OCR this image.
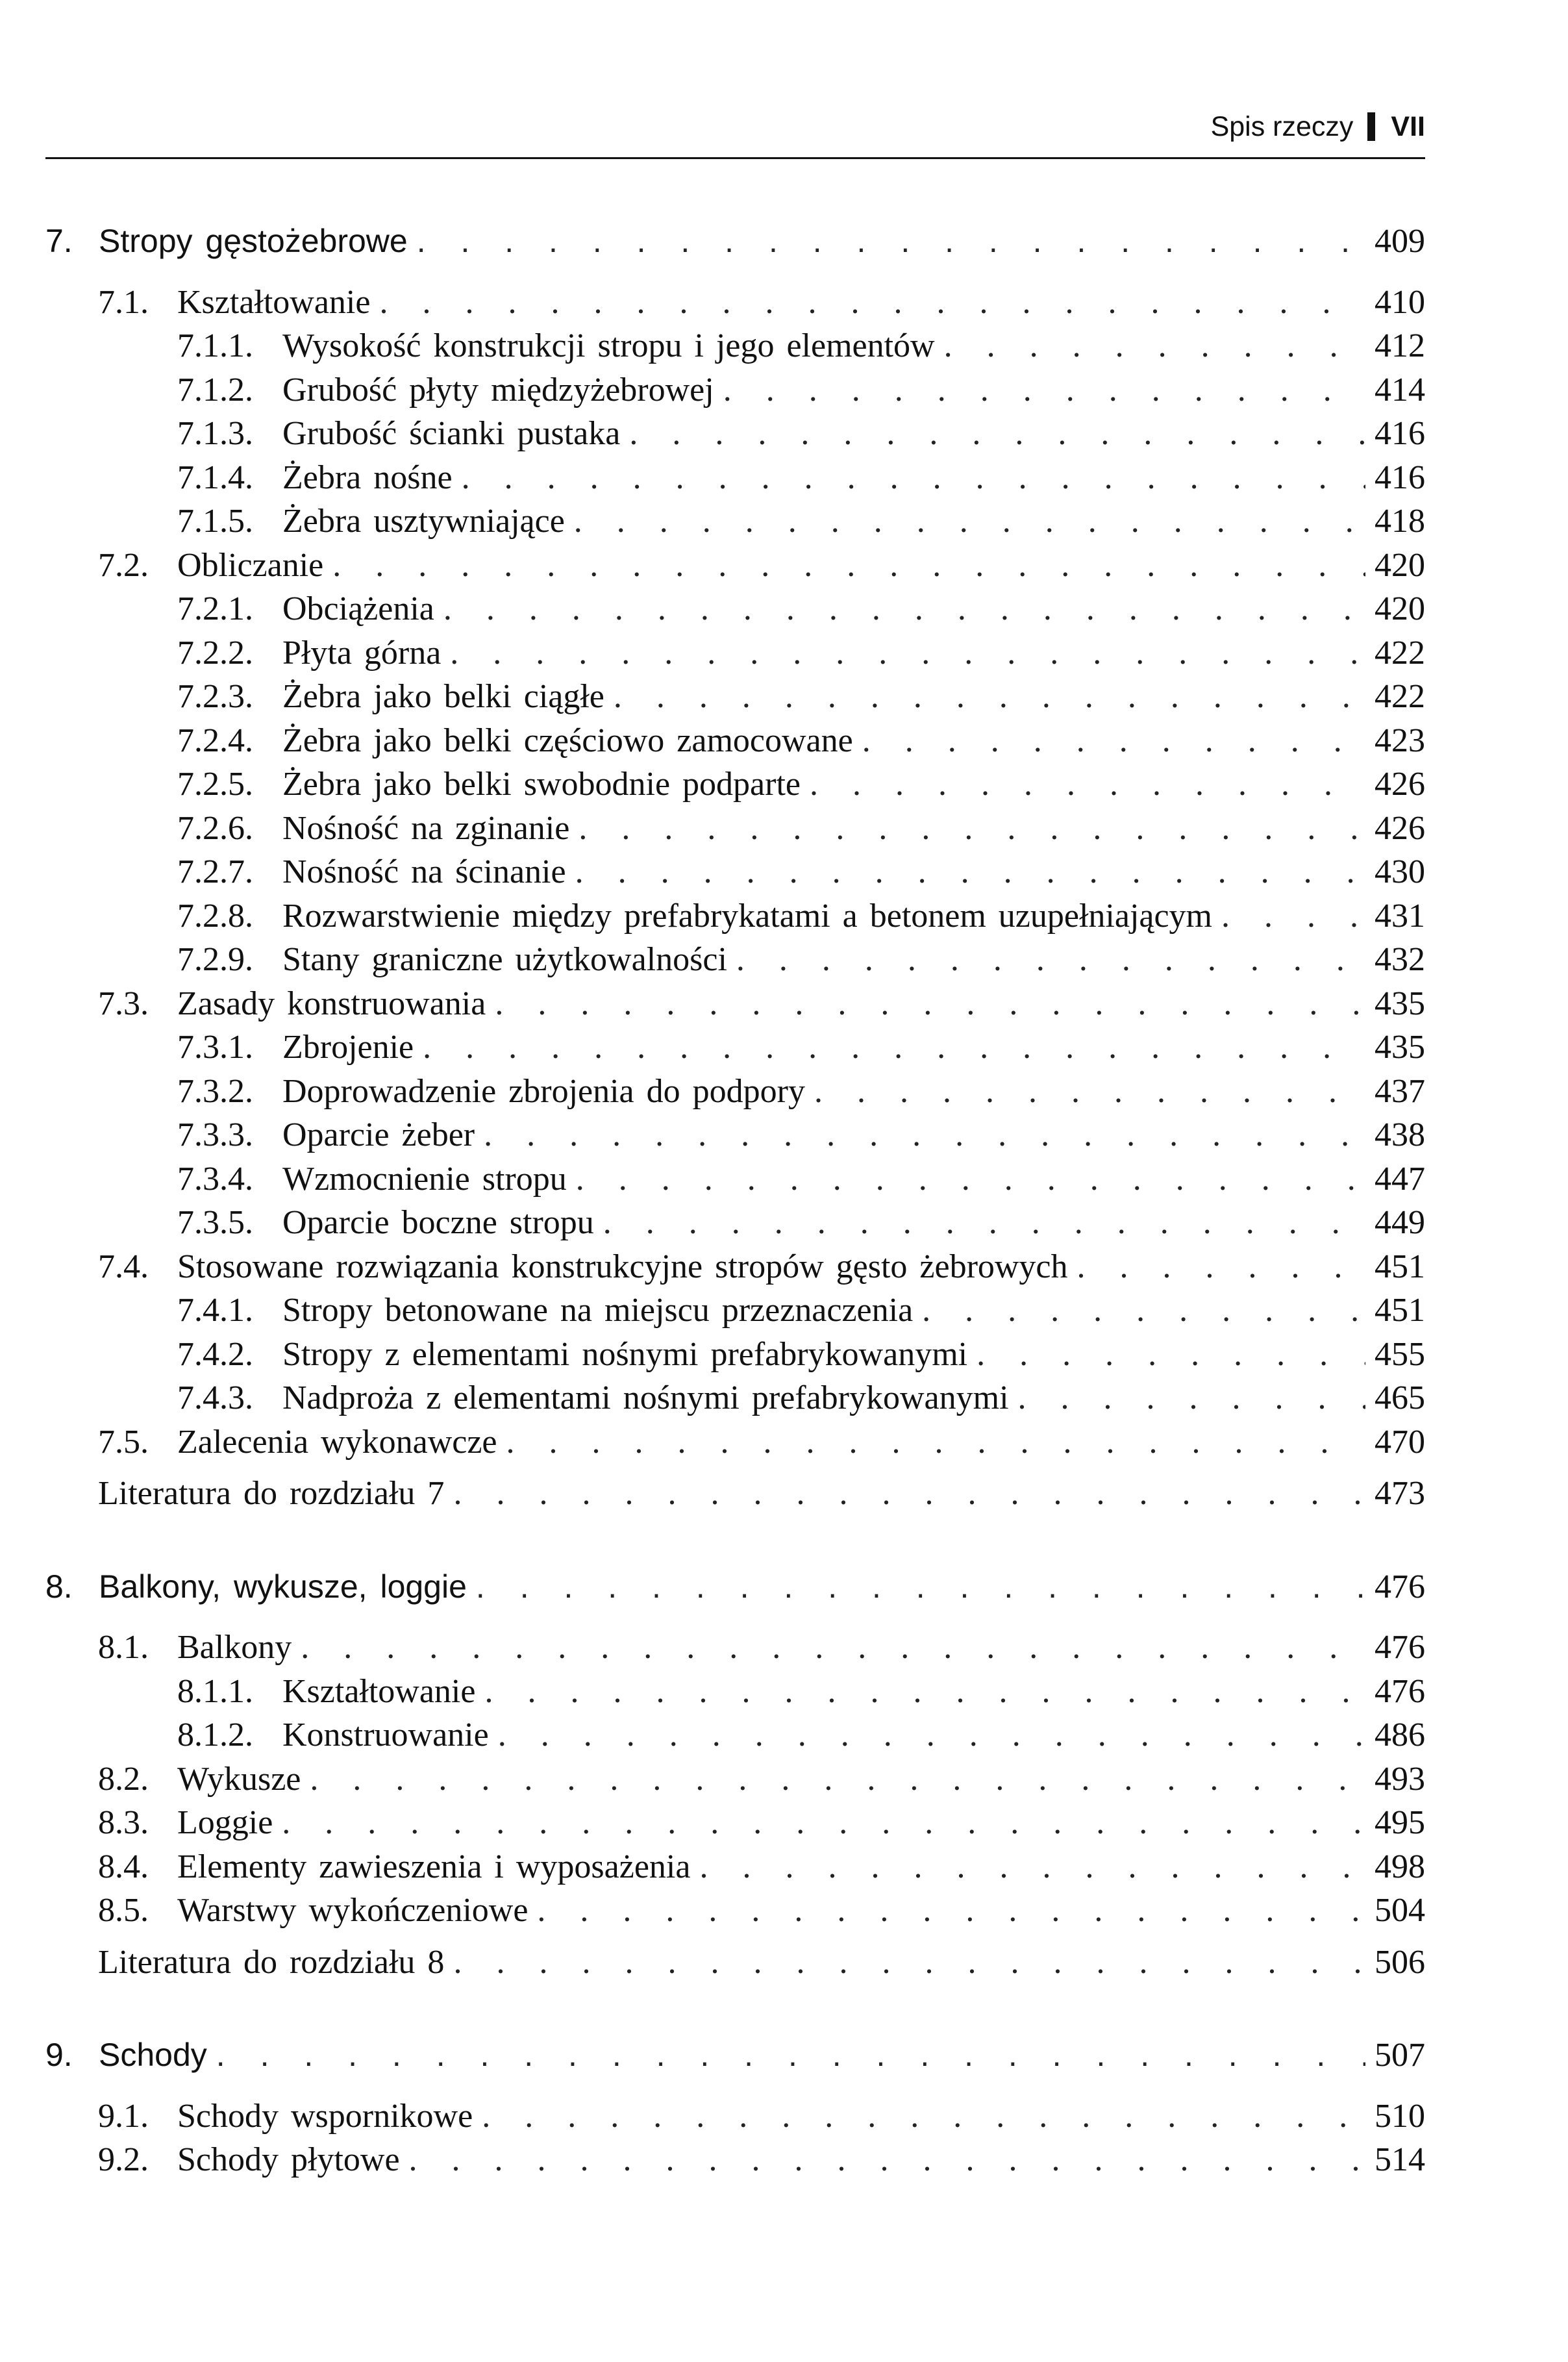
Spis rzeczy VII
7. Stropy gęstożebrowe . . .	409
7.1. Kształtowanie . . .	410
7.1.1. Wysokość konstrukcji stropu i jego elementów . . .	412
7.1.2. Grubość płyty międzyżebrowej . . .	414
7.1.3. Grubość ścianki pustaka . . .	416
7.1.4. Żebra nośne . . .	416
7.1.5. Żebra usztywniające . . .	418
7.2. Obliczanie . . .	420
7.2.1. Obciążenia . . .	420
7.2.2. Płyta górna . . .	422
7.2.3. Żebra jako belki ciągłe . . .	422
7.2.4. Żebra jako belki częściowo zamocowane . . .	423
7.2.5. Żebra jako belki swobodnie podparte . . .	426
7.2.6. Nośność na zginanie . . .	426
7.2.7. Nośność na ścinanie . . .	430
7.2.8. Rozwarstwienie między prefabrykatami a betonem uzupełniającym . . .	431
7.2.9. Stany graniczne użytkowalności . . .	432
7.3. Zasady konstruowania . . .	435
7.3.1. Zbrojenie . . .	435
7.3.2. Doprowadzenie zbrojenia do podpory . . .	437
7.3.3. Oparcie żeber . . .	438
7.3.4. Wzmocnienie stropu . . .	447
7.3.5. Oparcie boczne stropu . . .	449
7.4. Stosowane rozwiązania konstrukcyjne stropów gęsto żebrowych . . .	451
7.4.1. Stropy betonowane na miejscu przeznaczenia . . .	451
7.4.2. Stropy z elementami nośnymi prefabrykowanymi . . .	455
7.4.3. Nadproża z elementami nośnymi prefabrykowanymi . . .	465
7.5. Zalecenia wykonawcze . . .	470
Literatura do rozdziału 7 . . .	473
8. Balkony, wykusze, loggie . . .	476
8.1. Balkony . . .	476
8.1.1. Kształtowanie . . .	476
8.1.2. Konstruowanie . . .	486
8.2. Wykusze . . .	493
8.3. Loggie . . .	495
8.4. Elementy zawieszenia i wyposażenia . . .	498
8.5. Warstwy wykończeniowe . . .	504
Literatura do rozdziału 8 . . .	506
9. Schody . . .	507
9.1. Schody wspornikowe . . .	510
9.2. Schody płytowe . . .	514
